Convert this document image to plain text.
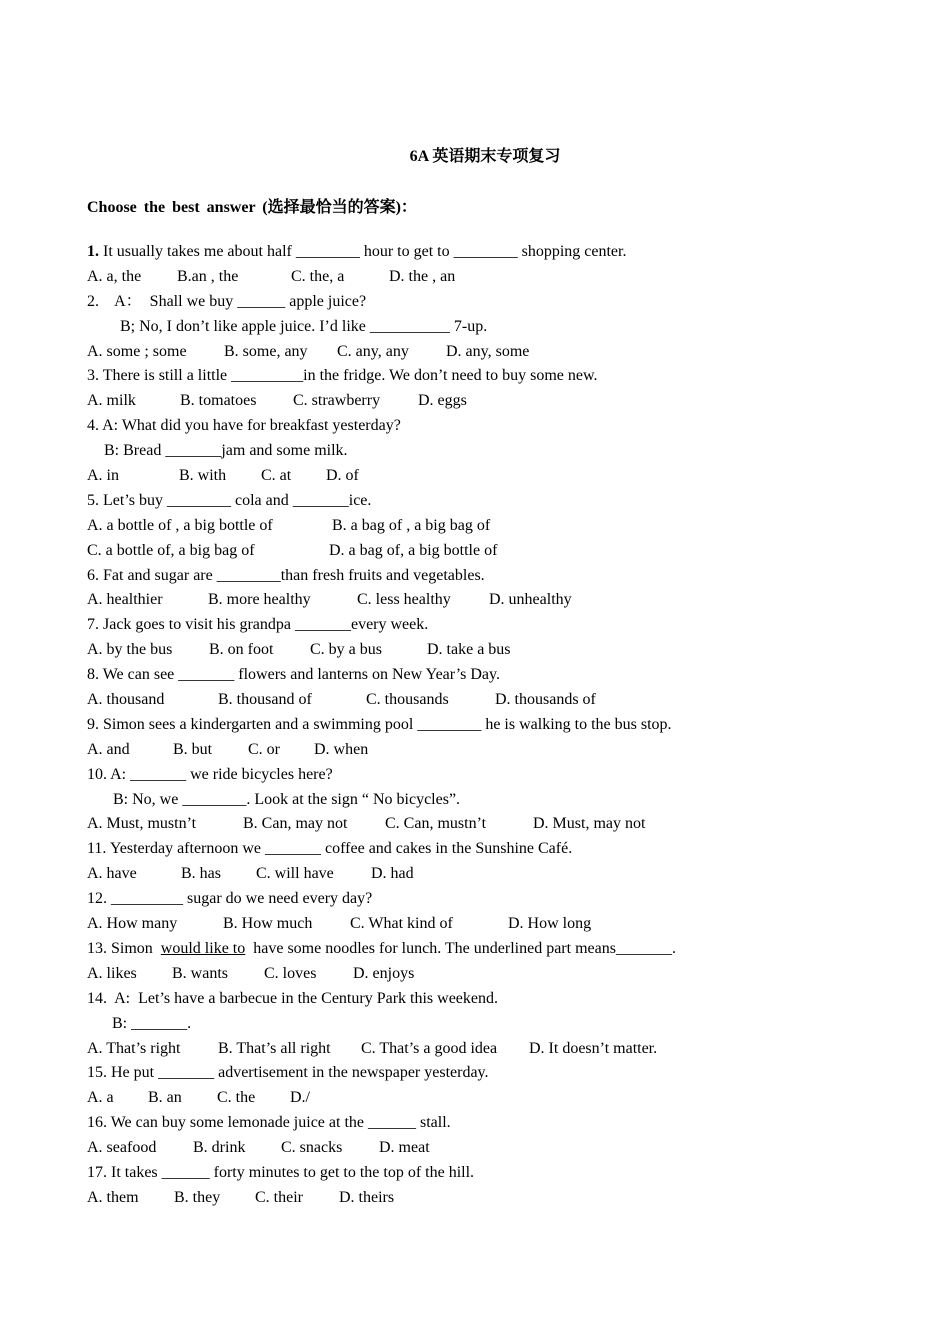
6A 英语期末专项复习
Choose the best answer (选择最恰当的答案)：
1. It usually takes me about half ________ hour to get to ________ shopping center.
A. a, the B.an , the	C. the, a	D. the , an
2.    A：  Shall we buy ______ apple juice?
B; No, I don’t like apple juice. I’d like __________ 7-up.
A. some ; some B. some, any C. any, any D. any, some
3. There is still a little _________in the fridge. We don’t need to buy some new.
A. milk	B. tomatoes C. strawberry D. eggs
4. A: What did you have for breakfast yesterday?
B: Bread _______jam and some milk.
A. in	B. with C. at D. of
5. Let’s buy ________ cola and _______ice.
A. a bottle of , a big bottle of	B. a bag of , a big bag of
C. a bottle of, a big bag of	D. a bag of, a big bottle of
6. Fat and sugar are ________than fresh fruits and vegetables.
A. healthier	B. more healthy	C. less healthy D. unhealthy
7. Jack goes to visit his grandpa _______every week.
A. by the bus B. on foot C. by a bus	D. take a bus
8. We can see _______ flowers and lanterns on New Year’s Day.
A. thousand	B. thousand of	C. thousands	D. thousands of
9. Simon sees a kindergarten and a swimming pool ________ he is walking to the bus stop.
A. and	B. but C. or D. when
10. A: _______ we ride bicycles here?
B: No, we ________. Look at the sign “ No bicycles”.
A. Must, mustn’t	B. Can, may not C. Can, mustn’t	D. Must, may not
11. Yesterday afternoon we _______ coffee and cakes in the Sunshine Café.
A. have	B. has C. will have D. had
12. _________ sugar do we need every day?
A. How many	B. How much C. What kind of	D. How long
13. Simon  would like to  have some noodles for lunch. The underlined part means_______.
A. likes B. wants C. loves D. enjoys
14.  A:  Let’s have a barbecue in the Century Park this weekend.
B: _______.
A. That’s right B. That’s all right C. That’s a good idea D. It doesn’t matter.
15. He put _______ advertisement in the newspaper yesterday.
A. a B. an C. the D./
16. We can buy some lemonade juice at the ______ stall.
A. seafood B. drink C. snacks D. meat
17. It takes ______ forty minutes to get to the top of the hill.
A. them B. they C. their D. theirs
